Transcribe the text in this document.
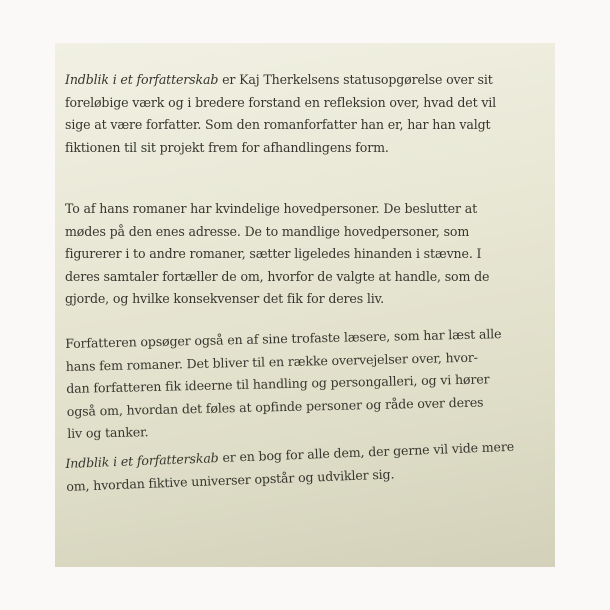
Indblik i et forfatterskab er Kaj Therkelsens statusopgørelse over sit
foreløbige værk og i bredere forstand en refleksion over, hvad det vil
sige at være forfatter. Som den romanforfatter han er, har han valgt
fiktionen til sit projekt frem for afhandlingens form.

To af hans romaner har kvindelige hovedpersoner. De beslutter at
mødes på den enes adresse. De to mandlige hovedpersoner, som
figurerer i to andre romaner, sætter ligeledes hinanden i stævne. I
deres samtaler fortæller de om, hvorfor de valgte at handle, som de
gjorde, og hvilke konsekvenser det fik for deres liv.

Forfatteren opsøger også en af sine trofaste læsere, som har læst alle
hans fem romaner. Det bliver til en række overvejelser over, hvor-
dan forfatteren fik ideerne til handling og persongalleri, og vi hører
også om, hvordan det føles at opfinde personer og råde over deres
liv og tanker.

Indblik i et forfatterskab er en bog for alle dem, der gerne vil vide mere
om, hvordan fiktive universer opstår og udvikler sig.
